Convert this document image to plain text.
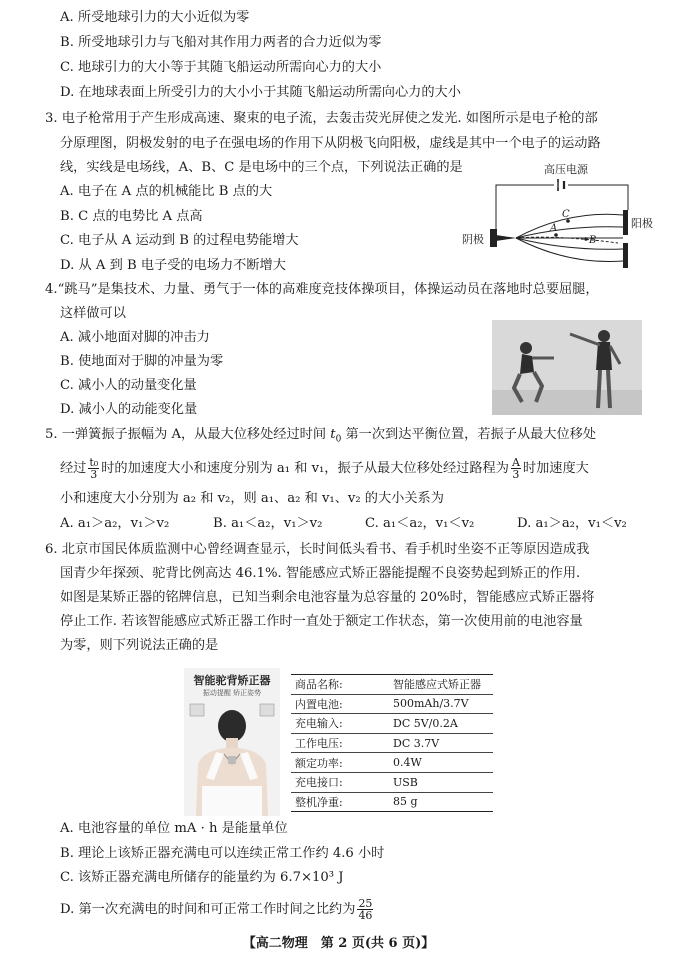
A. 所受地球引力的大小近似为零
B. 所受地球引力与飞船对其作用力两者的合力近似为零
C. 地球引力的大小等于其随飞船运动所需向心力的大小
D. 在地球表面上所受引力的大小小于其随飞船运动所需向心力的大小
3. 电子枪常用于产生形成高速、聚束的电子流，去轰击荧光屏使之发光. 如图所示是电子枪的部
分原理图，阴极发射的电子在强电场的作用下从阴极飞向阳极，虚线是其中一个电子的运动路
线，实线是电场线，A、B、C 是电场中的三个点，下列说法正确的是
A. 电子在 A 点的机械能比 B 点的大
B. C 点的电势比 A 点高
C. 电子从 A 运动到 B 的过程电势能增大
D. 从 A 到 B 电子受的电场力不断增大
高压电源
阴极
阳极
A
C
B
4.“跳马”是集技术、力量、勇气于一体的高难度竞技体操项目，体操运动员在落地时总要屈腿，
这样做可以
A. 减小地面对脚的冲击力
B. 使地面对于脚的冲量为零
C. 减小人的动量变化量
D. 减小人的动能变化量
5. 一弹簧振子振幅为 A，从最大位移处经过时间 $t_0$ 第一次到达平衡位置，若振子从最大位移处
经过 $\frac{\text{t₀}}{3}$ 时的加速度大小和速度分别为 a₁ 和 v₁，振子从最大位移处经过路程为 $\frac{A}{3}$ 时加速度大
小和速度大小分别为 a₂ 和 v₂，则 a₁、a₂ 和 v₁、v₂ 的大小关系为
A. a₁＞a₂，v₁＞v₂	B. a₁＜a₂，v₁＞v₂	C. a₁＜a₂，v₁＜v₂	D. a₁＞a₂，v₁＜v₂
6. 北京市国民体质监测中心曾经调查显示，长时间低头看书、看手机时坐姿不正等原因造成我
国青少年探颈、驼背比例高达 46.1%. 智能感应式矫正器能提醒不良姿势起到矫正的作用.
如图是某矫正器的铭牌信息，已知当剩余电池容量为总容量的 20%时，智能感应式矫正器将
停止工作. 若该智能感应式矫正器工作时一直处于额定工作状态，第一次使用前的电池容量
为零，则下列说法正确的是
智能驼背矫正器
振动提醒 矫正姿势
商品名称:	智能感应式矫正器
内置电池:	500mAh/3.7V
充电输入:	DC 5V/0.2A
工作电压:	DC 3.7V
额定功率:	0.4W
充电接口:	USB
整机净重:	85 g
A. 电池容量的单位 mA · h 是能量单位
B. 理论上该矫正器充满电可以连续正常工作约 4.6 小时
C. 该矫正器充满电所储存的能量约为 6.7×10³ J
D. 第一次充满电的时间和可正常工作时间之比约为 $\frac{25}{46}$
【高二物理　第 2 页(共 6 页)】
